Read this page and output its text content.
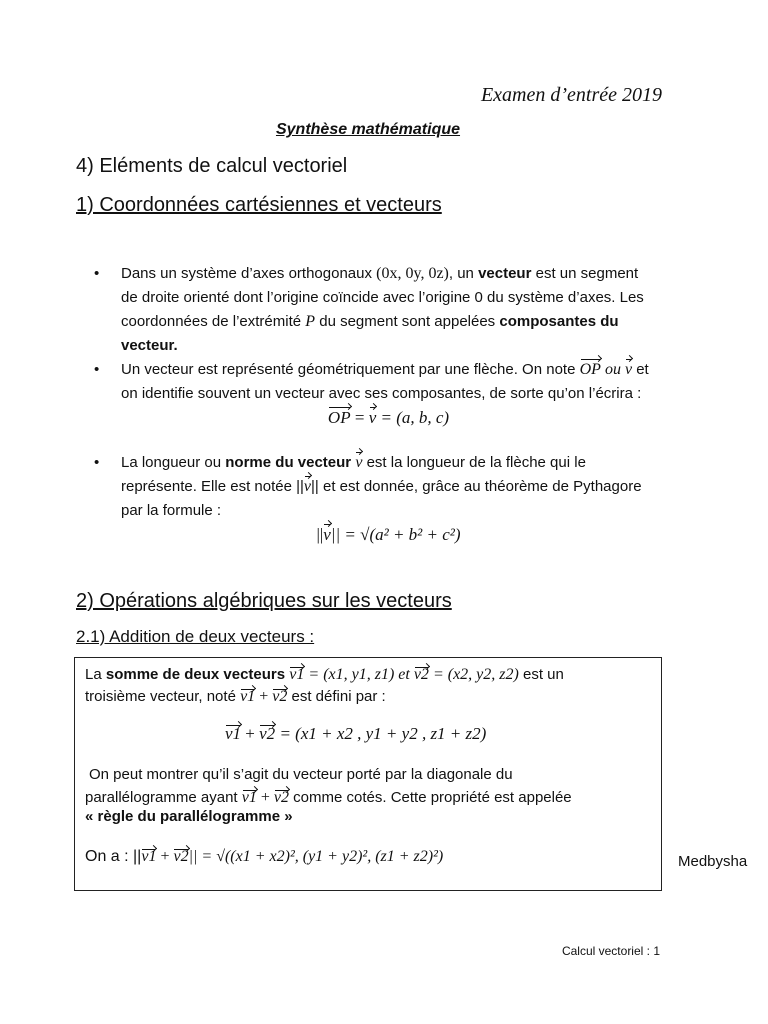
Examen d’entrée 2019
Synthèse mathématique
4) Eléments de calcul vectoriel
1) Coordonnées cartésiennes et vecteurs
• Dans un système d’axes orthogonaux (0x, 0y, 0z), un vecteur est un segment de droite orienté dont l’origine coïncide avec l’origine 0 du système d’axes. Les coordonnées de l’extrémité P du segment sont appelées composantes du vecteur.
• Un vecteur est représenté géométriquement par une flèche. On note OP ou v et on identifie souvent un vecteur avec ses composantes, de sorte qu’on l’écrira :
OP = v = (a, b, c)
• La longueur ou norme du vecteur v est la longueur de la flèche qui le représente. Elle est notée ||v|| et est donnée, grâce au théorème de Pythagore par la formule :
||v|| = √(a² + b² + c²)
2) Opérations algébriques sur les vecteurs
2.1) Addition de deux vecteurs :
La somme de deux vecteurs v1 = (x1, y1, z1) et v2 = (x2, y2, z2) est un
troisième vecteur, noté v1 + v2 est défini par :
v1 + v2 = (x1 + x2 , y1 + y2 , z1 + z2)
On peut montrer qu’il s’agit du vecteur porté par la diagonale du
parallélogramme ayant v1 + v2 comme cotés. Cette propriété est appelée
« règle du parallélogramme »
On a : ||v1 + v2|| = √((x1 + x2)², (y1 + y2)², (z1 + z2)²)	Medbysha
Calcul vectoriel : 1
